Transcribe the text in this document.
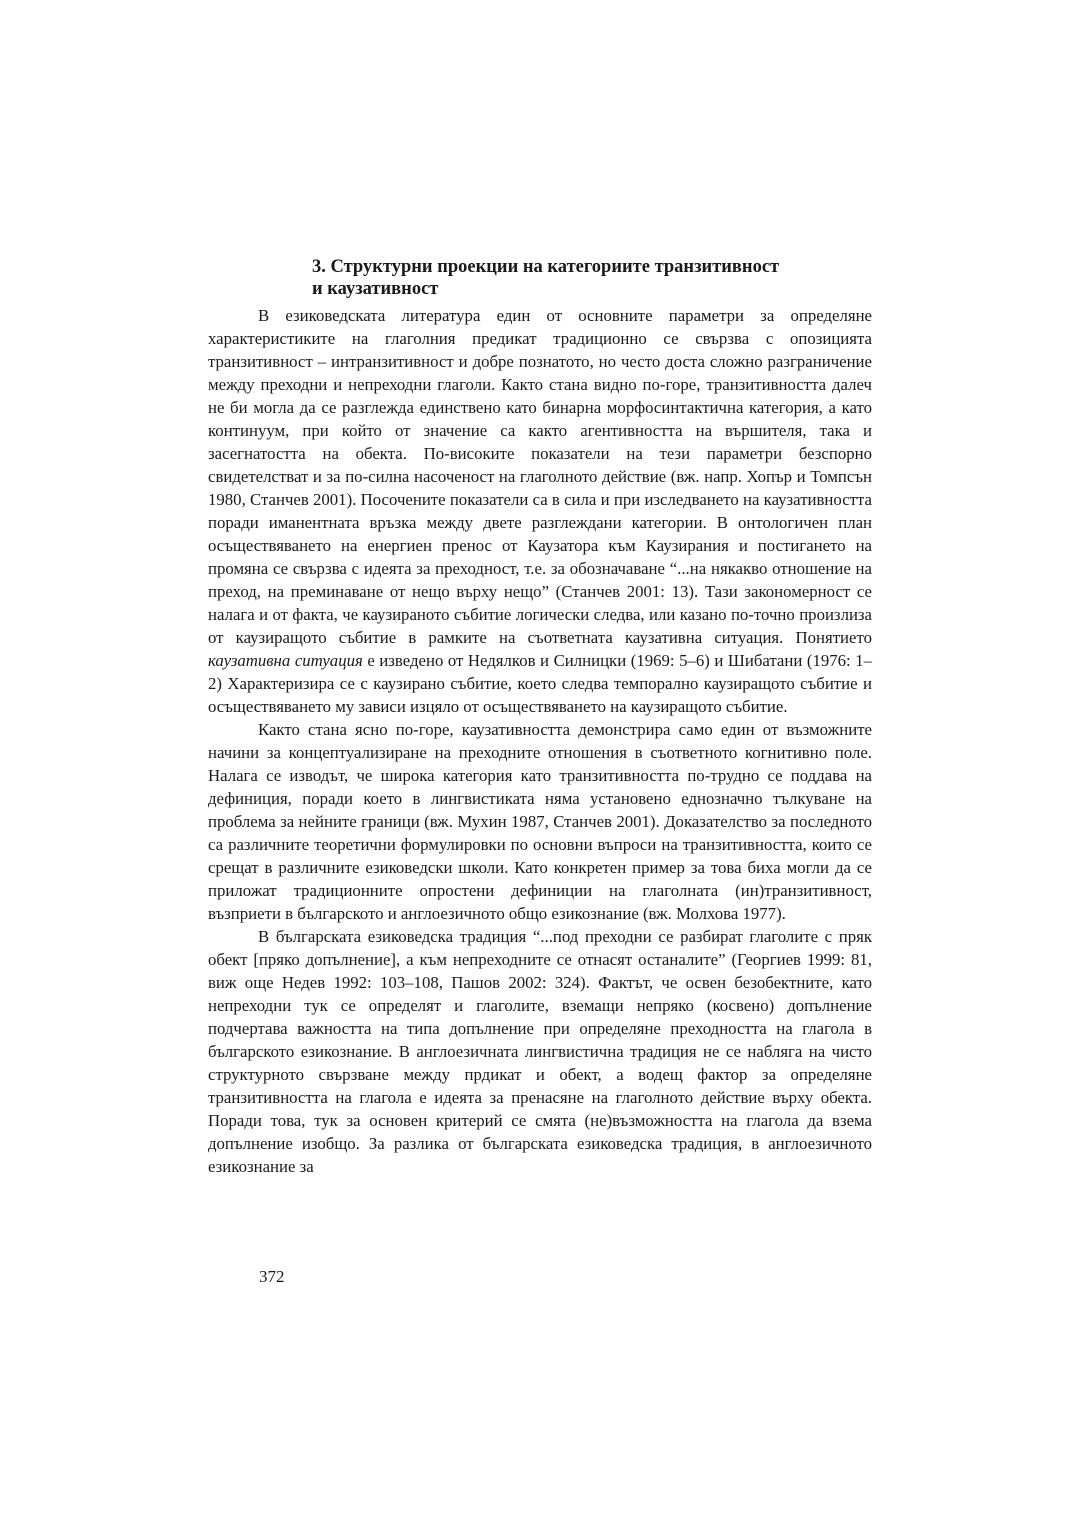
3. Структурни проекции на категориите транзитивност
и каузативност

В езиковедската литература един от основните параметри за определяне характеристиките на глаголния предикат традиционно се свързва с опозицията транзитивност – интранзитивност и добре познатото, но често доста сложно разграничение между преходни и непреходни глаголи. Както стана видно по-горе, транзитивността далеч не би могла да се разглежда единствено като бинарна морфосинтактична категория, а като континуум, при който от значение са както агентивността на вършителя, така и засегнатостта на обекта. По-високите показатели на тези параметри безспорно свидетелстват и за по-силна насоченост на глаголното действие (вж. напр. Хопър и Томпсън 1980, Станчев 2001). Посочените показатели са в сила и при изследването на каузативността поради иманентната връзка между двете разглеждани категории. В онтологичен план осъществяването на енергиен пренос от Каузатора към Каузирания и постигането на промяна се свързва с идеята за преходност, т.е. за обозначаване “...на някакво отношение на преход, на преминаване от нещо върху нещо” (Станчев 2001: 13). Тази закономерност се налага и от факта, че каузираното събитие логически следва, или казано по-точно произлиза от каузиращото събитие в рамките на съответната каузативна ситуация. Понятието каузативна ситуация е изведено от Недялков и Силницки (1969: 5–6) и Шибатани (1976: 1–2) Характеризира се с каузирано събитие, което следва темпорално каузиращото събитие и осъществяването му зависи изцяло от осъществяването на каузиращото събитие.

Както стана ясно по-горе, каузативността демонстрира само един от възможните начини за концептуализиране на преходните отношения в съответното когнитивно поле. Налага се изводът, че широка категория като транзитивността по-трудно се поддава на дефиниция, поради което в лингвистиката няма установено еднозначно тълкуване на проблема за нейните граници (вж. Мухин 1987, Станчев 2001). Доказателство за последното са различните теоретични формулировки по основни въпроси на транзитивността, които се срещат в различните езиковедски школи. Като конкретен пример за това биха могли да се приложат традиционните опростени дефиниции на глаголната (ин)транзитивност, възприети в българското и англоезичното общо езикознание (вж. Молхова 1977).

В българската езиковедска традиция “...под преходни се разбират глаголите с пряк обект [пряко допълнение], а към непреходните се отнасят останалите” (Георгиев 1999: 81, виж още Недев 1992: 103–108, Пашов 2002: 324). Фактът, че освен безобектните, като непреходни тук се определят и глаголите, вземащи непряко (косвено) допълнение подчертава важността на типа допълнение при определяне преходността на глагола в българското езикознание. В англоезичната лингвистична традиция не се набляга на чисто структурното свързване между прдикат и обект, а водещ фактор за определяне транзитивността на глагола е идеята за пренасяне на глаголното действие върху обекта. Поради това, тук за основен критерий се смята (не)възможността на глагола да взема допълнение изобщо. За разлика от българската езиковедска традиция, в англоезичното езикознание за

372
